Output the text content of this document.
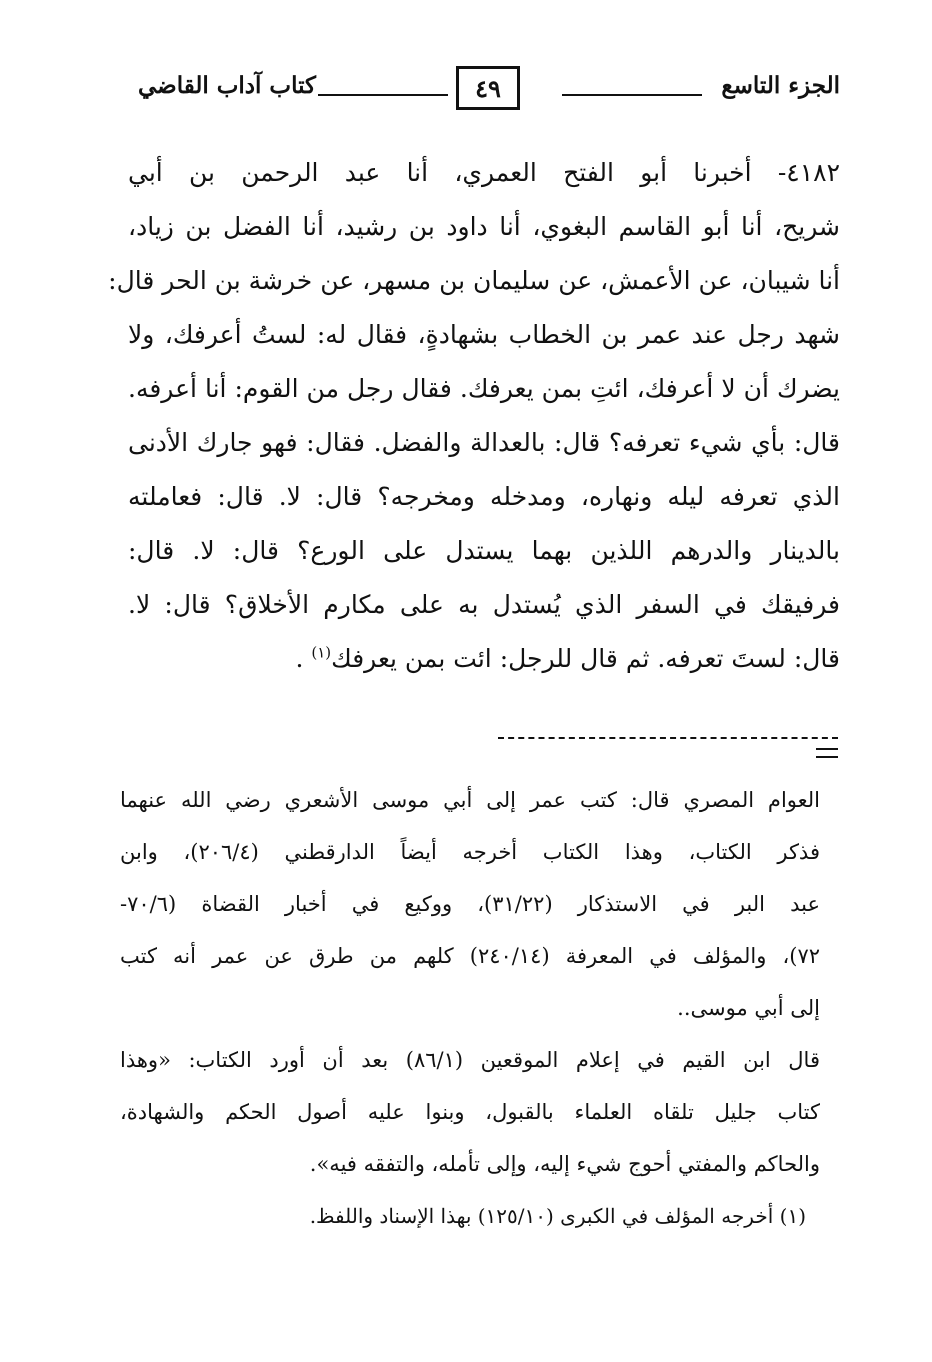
الجزء التاسع
٤٩
كتاب آداب القاضي
٤١٨٢- أخبرنا أبو الفتح العمري، أنا عبد الرحمن بن أبي
شريح، أنا أبو القاسم البغوي، أنا داود بن رشيد، أنا الفضل بن زياد،
أنا شيبان، عن الأعمش، عن سليمان بن مسهر، عن خرشة بن الحر قال:
شهد رجل عند عمر بن الخطاب بشهادةٍ، فقال له: لستُ أعرفك، ولا
يضرك أن لا أعرفك، ائتِ بمن يعرفك. فقال رجل من القوم: أنا أعرفه.
قال: بأي شيء تعرفه؟ قال: بالعدالة والفضل. فقال: فهو جارك الأدنى
الذي تعرفه ليله ونهاره، ومدخله ومخرجه؟ قال: لا. قال: فعاملته
بالدينار والدرهم اللذين بهما يستدل على الورع؟ قال: لا. قال:
فرفيقك في السفر الذي يُستدل به على مكارم الأخلاق؟ قال: لا.
قال: لستَ تعرفه. ثم قال للرجل: ائت بمن يعرفك$^{(١)}$ .
العوام المصري قال: كتب عمر إلى أبي موسى الأشعري رضي الله عنهما
فذكر الكتاب، وهذا الكتاب أخرجه أيضاً الدارقطني (٢٠٦/٤)، وابن
عبد البر في الاستذكار (٣١/٢٢)، ووكيع في أخبار القضاة (٧٠/٦-
٧٢)، والمؤلف في المعرفة (٢٤٠/١٤) كلهم من طرق عن عمر أنه كتب
إلى أبي موسى..
قال ابن القيم في إعلام الموقعين (٨٦/١) بعد أن أورد الكتاب: «وهذا
كتاب جليل تلقاه العلماء بالقبول، وبنوا عليه أصول الحكم والشهادة،
والحاكم والمفتي أحوج شيء إليه، وإلى تأمله، والتفقه فيه».
(١) أخرجه المؤلف في الكبرى (١٢٥/١٠) بهذا الإسناد واللفظ.
